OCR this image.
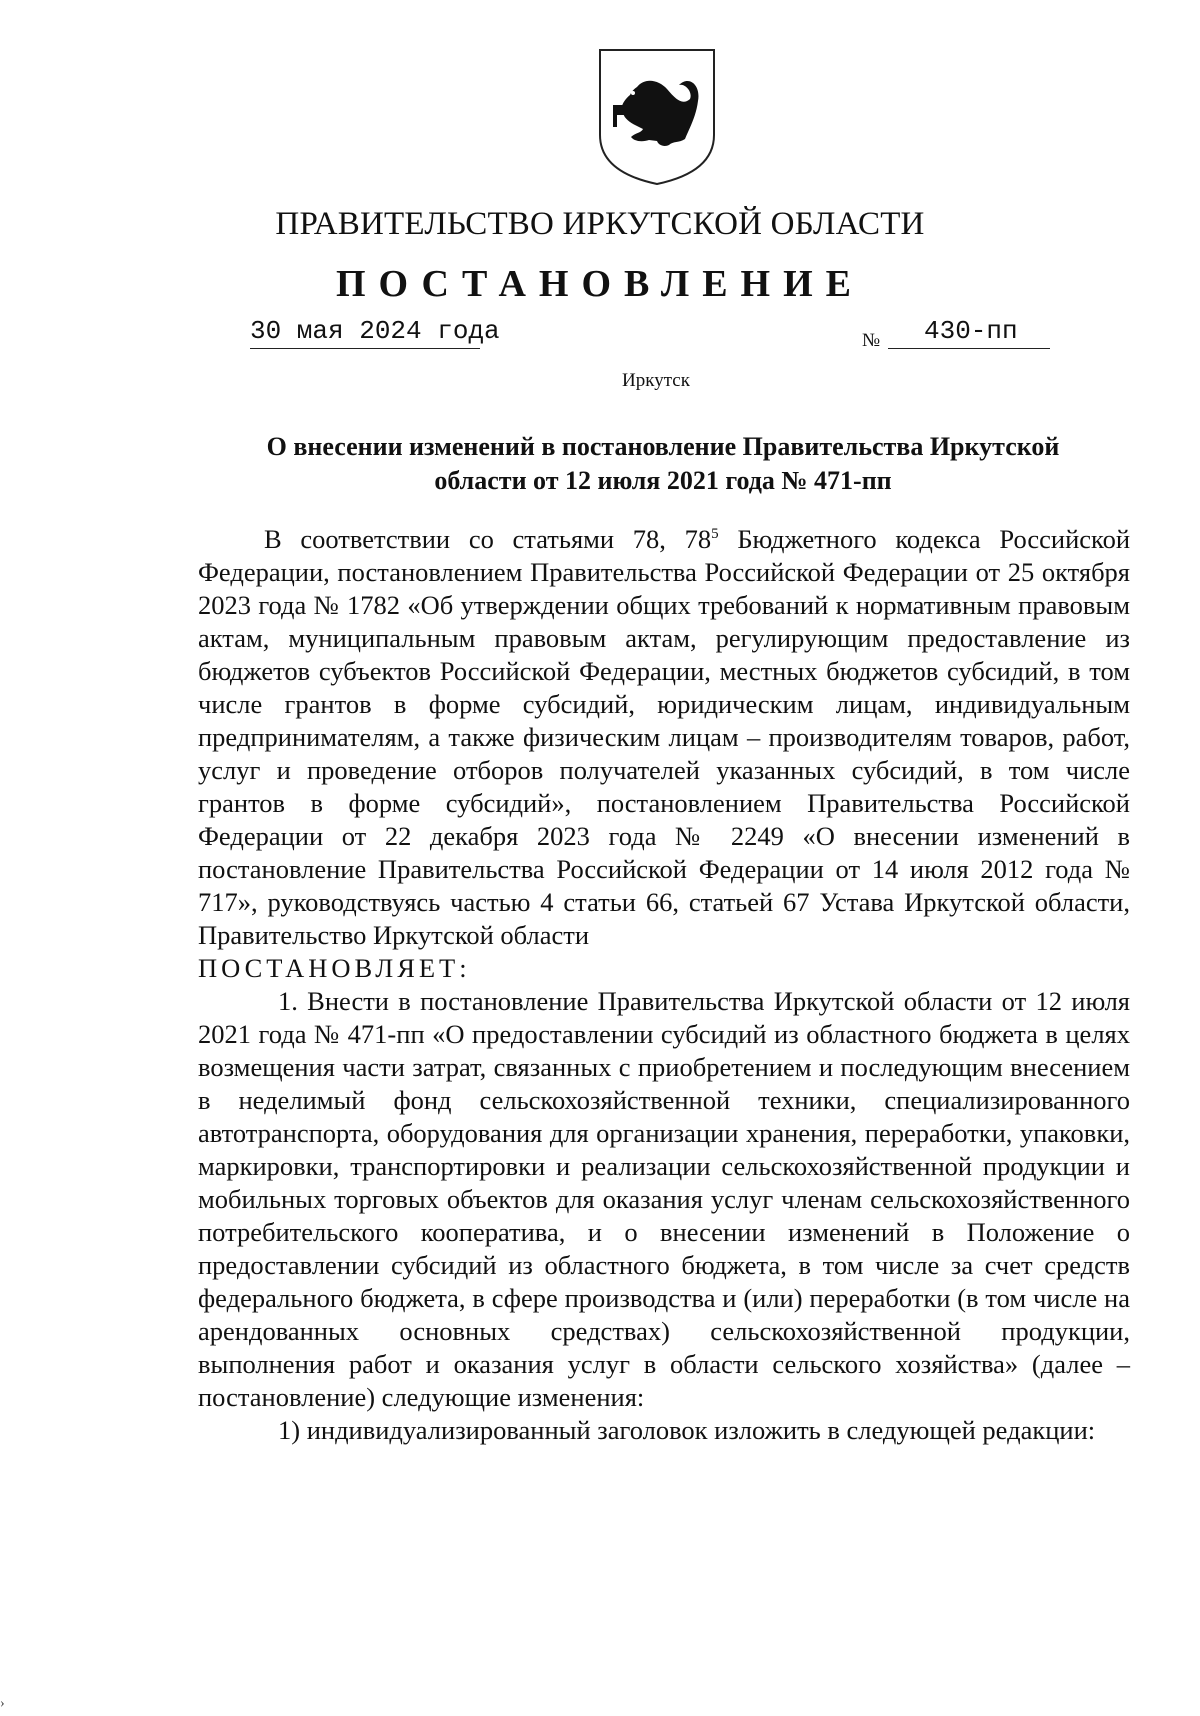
ПРАВИТЕЛЬСТВО ИРКУТСКОЙ ОБЛАСТИ
ПОСТАНОВЛЕНИЕ
30 мая 2024 года	№ 430-пп
Иркутск
О внесении изменений в постановление Правительства Иркутской
области от 12 июля 2021 года № 471-пп

В соответствии со статьями 78, $78^5$ Бюджетного кодекса Российской Федерации, постановлением Правительства Российской Федерации от 25 октября 2023 года № 1782 «Об утверждении общих требований к нормативным правовым актам, муниципальным правовым актам, регулирующим предоставление из бюджетов субъектов Российской Федерации, местных бюджетов субсидий, в том числе грантов в форме субсидий, юридическим лицам, индивидуальным предпринимателям, а также физическим лицам – производителям товаров, работ, услуг и проведение отборов получателей указанных субсидий, в том числе грантов в форме субсидий», постановлением Правительства Российской Федерации от 22 декабря 2023 года № 2249 «О внесении изменений в постановление Правительства Российской Федерации от 14 июля 2012 года № 717», руководствуясь частью 4 статьи 66, статьей 67 Устава Иркутской области, Правительство Иркутской области

ПОСТАНОВЛЯЕТ:

1. Внести в постановление Правительства Иркутской области от 12 июля 2021 года № 471-пп «О предоставлении субсидий из областного бюджета в целях возмещения части затрат, связанных с приобретением и последующим внесением в неделимый фонд сельскохозяйственной техники, специализированного автотранспорта, оборудования для организации хранения, переработки, упаковки, маркировки, транспортировки и реализации сельскохозяйственной продукции и мобильных торговых объектов для оказания услуг членам сельскохозяйственного потребительского кооператива, и о внесении изменений в Положение о предоставлении субсидий из областного бюджета, в том числе за счет средств федерального бюджета, в сфере производства и (или) переработки (в том числе на арендованных основных средствах) сельскохозяйственной продукции, выполнения работ и оказания услуг в области сельского хозяйства» (далее – постановление) следующие изменения:

1) индивидуализированный заголовок изложить в следующей редакции:

›
